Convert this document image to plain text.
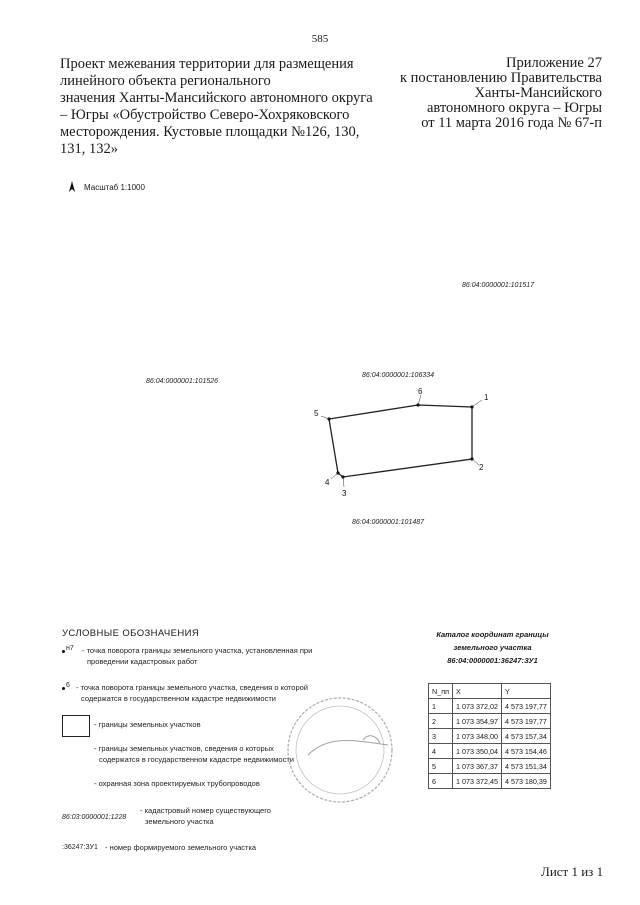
585
Проект межевания территории для размещения
линейного объекта регионального
значения Ханты-Мансийского автономного округа
– Югры «Обустройство Северо-Хохряковского
месторождения. Кустовые площадки №126, 130,
131, 132»
Приложение 27
к постановлению Правительства
Ханты-Мансийского
автономного округа – Югры
от 11 марта 2016 года № 67-п
Масштаб 1:1000
86:04:0000001:101517
86:04:0000001:106334
86:04:0000001:101526
86:04:0000001:101487
1
2
3
4
5
6
УСЛОВНЫЕ ОБОЗНАЧЕНИЯ
н7 - точка поворота границы земельного участка, установленная при
проведении кадастровых работ
6 - точка поворота границы земельного участка, сведения о которой
содержатся в государственном кадастре недвижимости
- границы земельных участков
- границы земельных участков, сведения о которых
содержатся в государственном кадастре недвижимости
- охранная зона проектируемых трубопроводов
86:03:0000001:1228
- кадастровый номер существующего
земельного участка
:36247:ЗУ1 - номер формируемого земельного участка
Каталог координат границы
земельного участка
86:04:0000001:36247:ЗУ1
N_пп	X	Y
1	1 073 372,02	4 573 197,77
2	1 073 354,97	4 573 197,77
3	1 073 348,00	4 573 157,34
4	1 073 350,04	4 573 154,46
5	1 073 367,37	4 573 151,34
6	1 073 372,45	4 573 180,39
Лист 1 из 1
